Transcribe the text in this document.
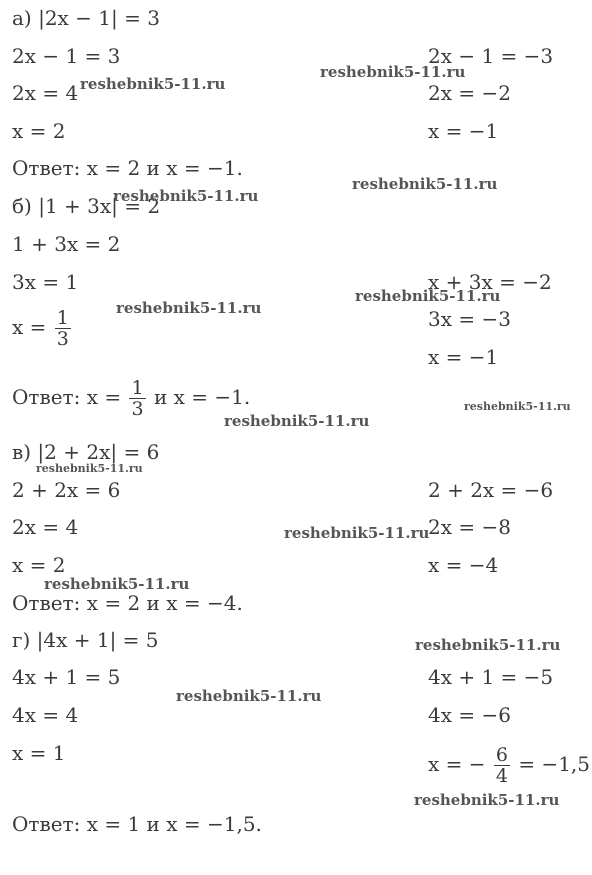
а) |2x − 1| = 3
2x − 1 = 3
2x = 4
x = 2
2x − 1 = −3
2x = −2
x = −1
Ответ: x = 2 и x = −1.
б) |1 + 3x| = 2
1 + 3x = 2
3x = 1
$x = \frac{1}{3}$
x + 3x = −2
3x = −3
x = −1
Ответ: $x = \frac{1}{3}$ и x = −1.
в) |2 + 2x| = 6
2 + 2x = 6
2x = 4
x = 2
2 + 2x = −6
2x = −8
x = −4
Ответ: x = 2 и x = −4.
г) |4x + 1| = 5
4x + 1 = 5
4x = 4
x = 1
4x + 1 = −5
4x = −6
x = − $\frac{6}{4} = -1,5$
Ответ: x = 1 и x = −1,5.
reshebnik5-11.ru
reshebnik5-11.ru
reshebnik5-11.ru
reshebnik5-11.ru
reshebnik5-11.ru
reshebnik5-11.ru
reshebnik5-11.ru
reshebnik5-11.ru
reshebnik5-11.ru
reshebnik5-11.ru
reshebnik5-11.ru
reshebnik5-11.ru
reshebnik5-11.ru
reshebnik5-11.ru
